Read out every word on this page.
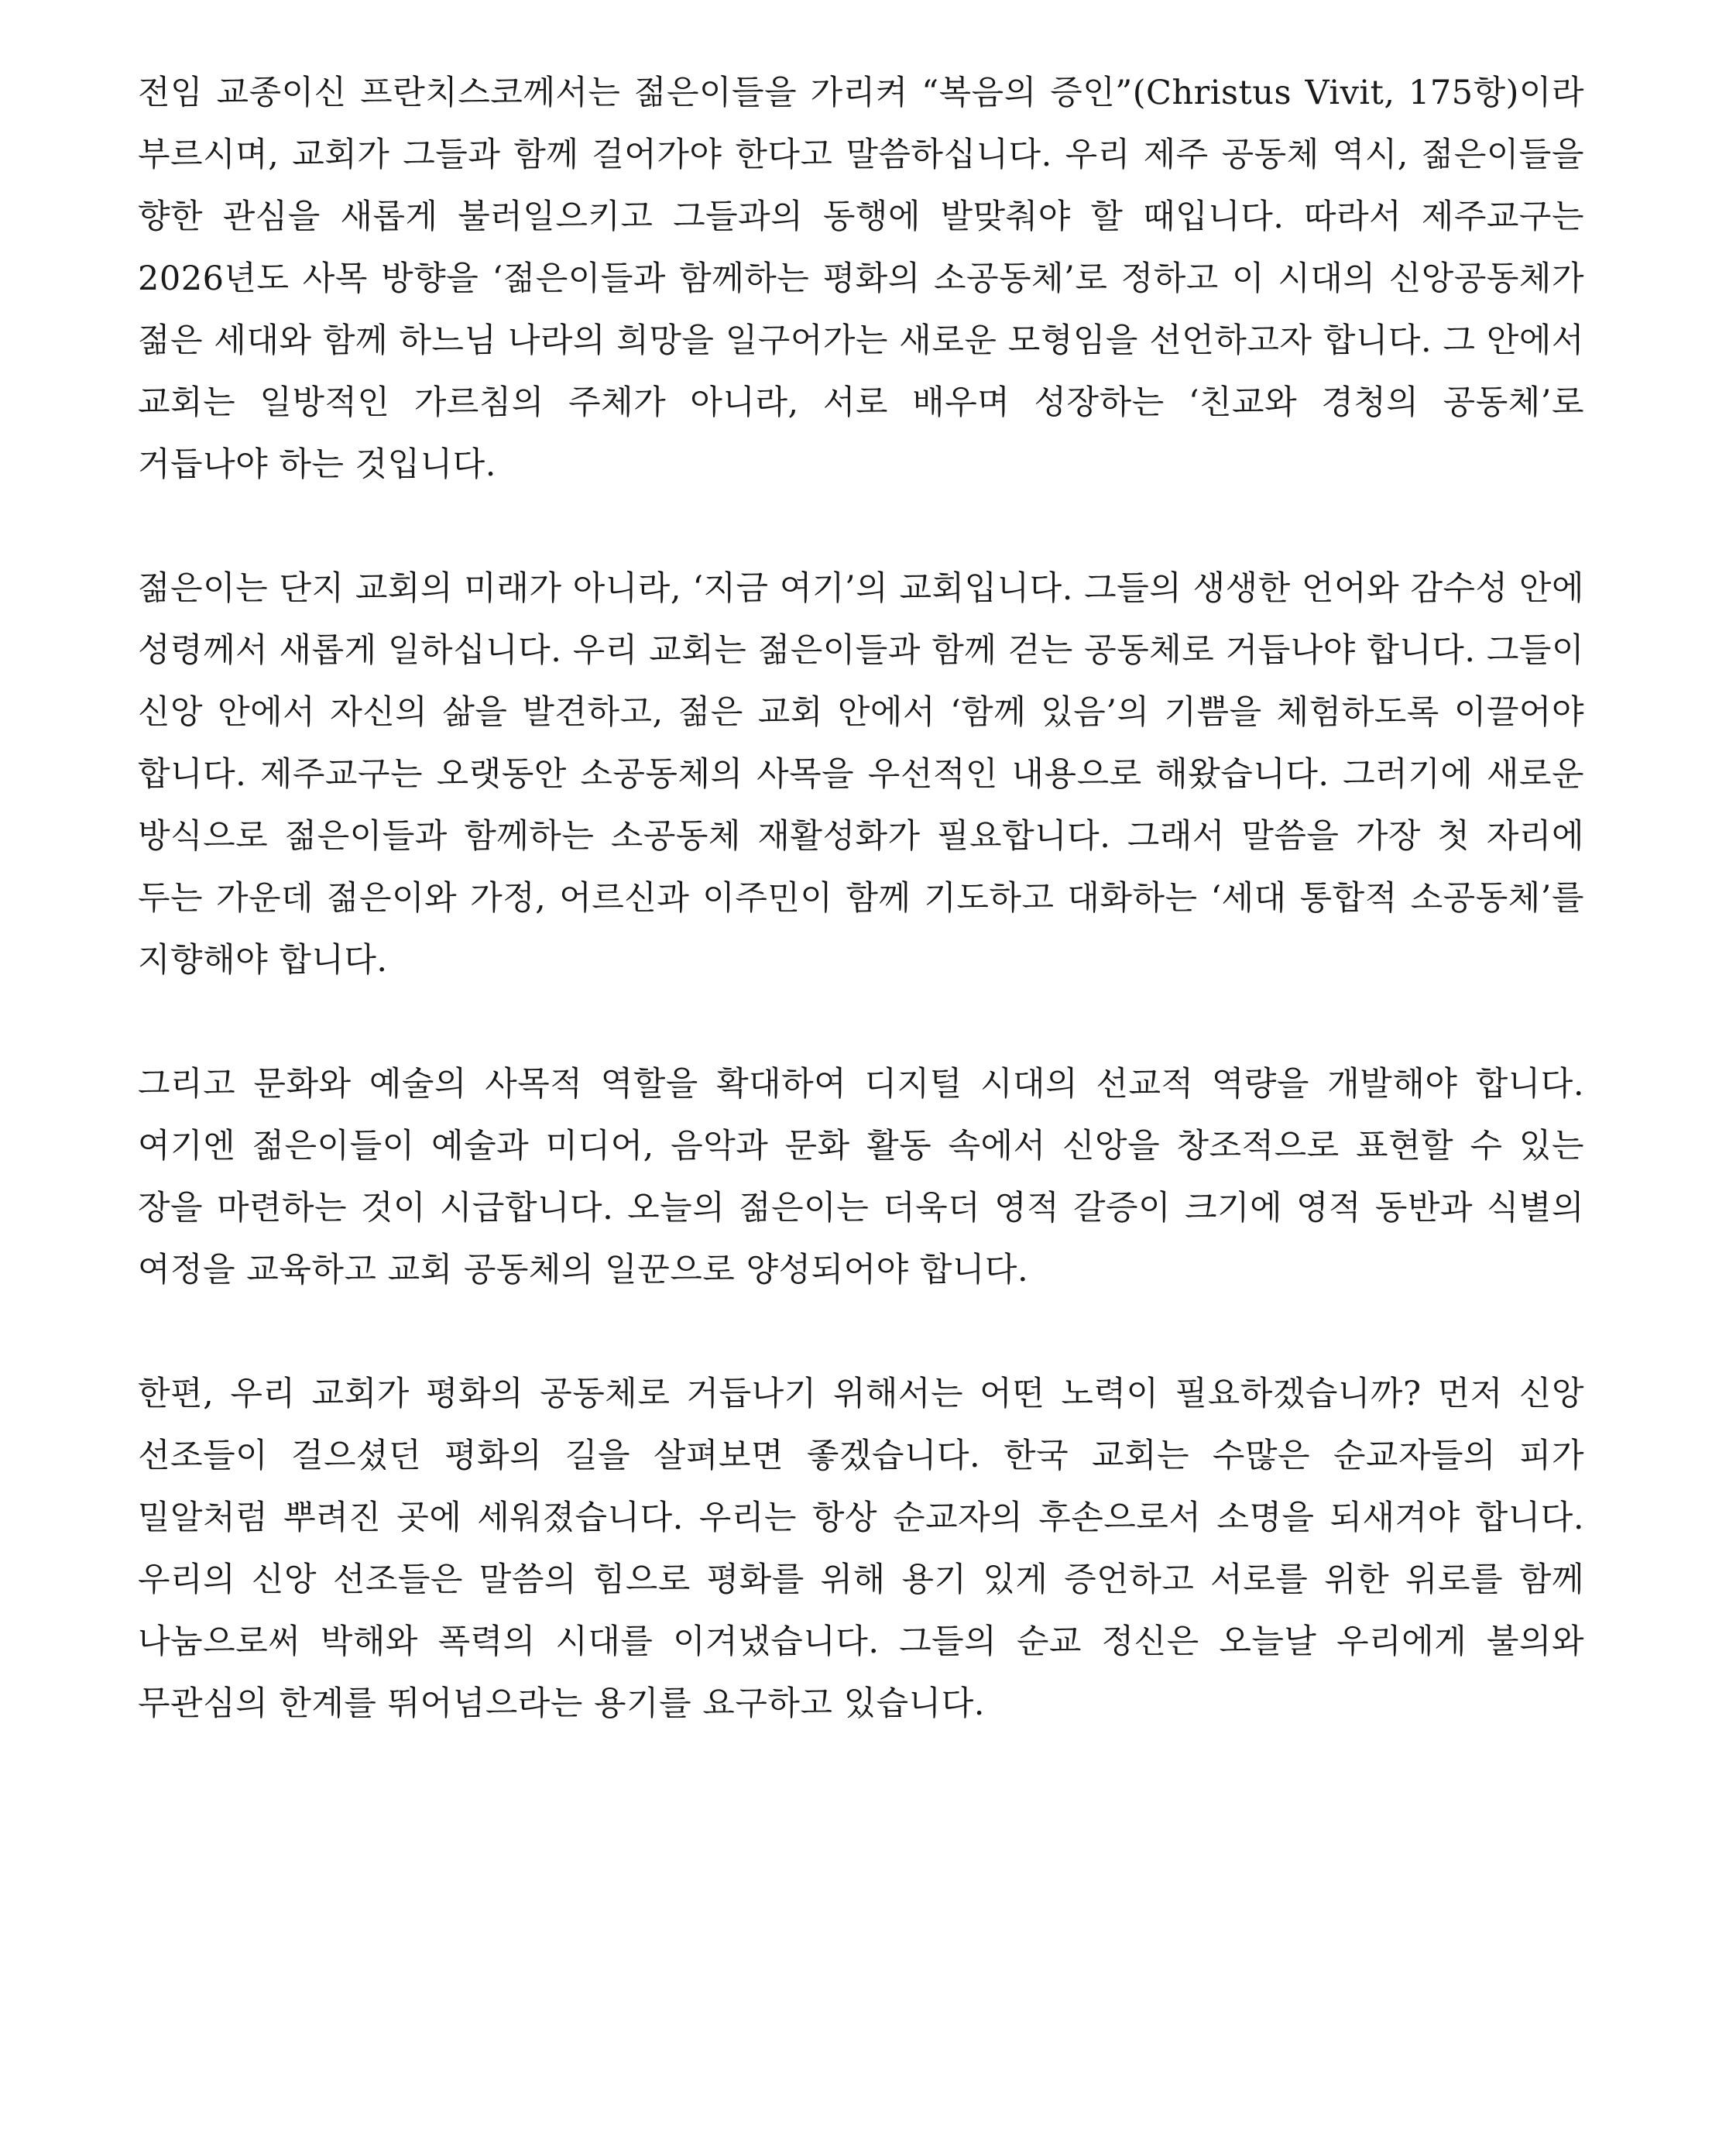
전임 교종이신 프란치스코께서는 젊은이들을 가리켜 “복음의 증인”(Christus Vivit, 175항)이라 부르시며, 교회가 그들과 함께 걸어가야 한다고 말씀하십니다. 우리 제주 공동체 역시, 젊은이들을 향한 관심을 새롭게 불러일으키고 그들과의 동행에 발맞춰야 할 때입니다. 따라서 제주교구는 2026년도 사목 방향을 ‘젊은이들과 함께하는 평화의 소공동체’로 정하고 이 시대의 신앙공동체가 젊은 세대와 함께 하느님 나라의 희망을 일구어가는 새로운 모형임을 선언하고자 합니다. 그 안에서 교회는 일방적인 가르침의 주체가 아니라, 서로 배우며 성장하는 ‘친교와 경청의 공동체’로 거듭나야 하는 것입니다.

젊은이는 단지 교회의 미래가 아니라, ‘지금 여기’의 교회입니다. 그들의 생생한 언어와 감수성 안에 성령께서 새롭게 일하십니다. 우리 교회는 젊은이들과 함께 걷는 공동체로 거듭나야 합니다. 그들이 신앙 안에서 자신의 삶을 발견하고, 젊은 교회 안에서 ‘함께 있음’의 기쁨을 체험하도록 이끌어야 합니다. 제주교구는 오랫동안 소공동체의 사목을 우선적인 내용으로 해왔습니다. 그러기에 새로운 방식으로 젊은이들과 함께하는 소공동체 재활성화가 필요합니다. 그래서 말씀을 가장 첫 자리에 두는 가운데 젊은이와 가정, 어르신과 이주민이 함께 기도하고 대화하는 ‘세대 통합적 소공동체’를 지향해야 합니다.

그리고 문화와 예술의 사목적 역할을 확대하여 디지털 시대의 선교적 역량을 개발해야 합니다. 여기엔 젊은이들이 예술과 미디어, 음악과 문화 활동 속에서 신앙을 창조적으로 표현할 수 있는 장을 마련하는 것이 시급합니다. 오늘의 젊은이는 더욱더 영적 갈증이 크기에 영적 동반과 식별의 여정을 교육하고 교회 공동체의 일꾼으로 양성되어야 합니다.

한편, 우리 교회가 평화의 공동체로 거듭나기 위해서는 어떤 노력이 필요하겠습니까? 먼저 신앙 선조들이 걸으셨던 평화의 길을 살펴보면 좋겠습니다. 한국 교회는 수많은 순교자들의 피가 밀알처럼 뿌려진 곳에 세워졌습니다. 우리는 항상 순교자의 후손으로서 소명을 되새겨야 합니다. 우리의 신앙 선조들은 말씀의 힘으로 평화를 위해 용기 있게 증언하고 서로를 위한 위로를 함께 나눔으로써 박해와 폭력의 시대를 이겨냈습니다. 그들의 순교 정신은 오늘날 우리에게 불의와 무관심의 한계를 뛰어넘으라는 용기를 요구하고 있습니다.
